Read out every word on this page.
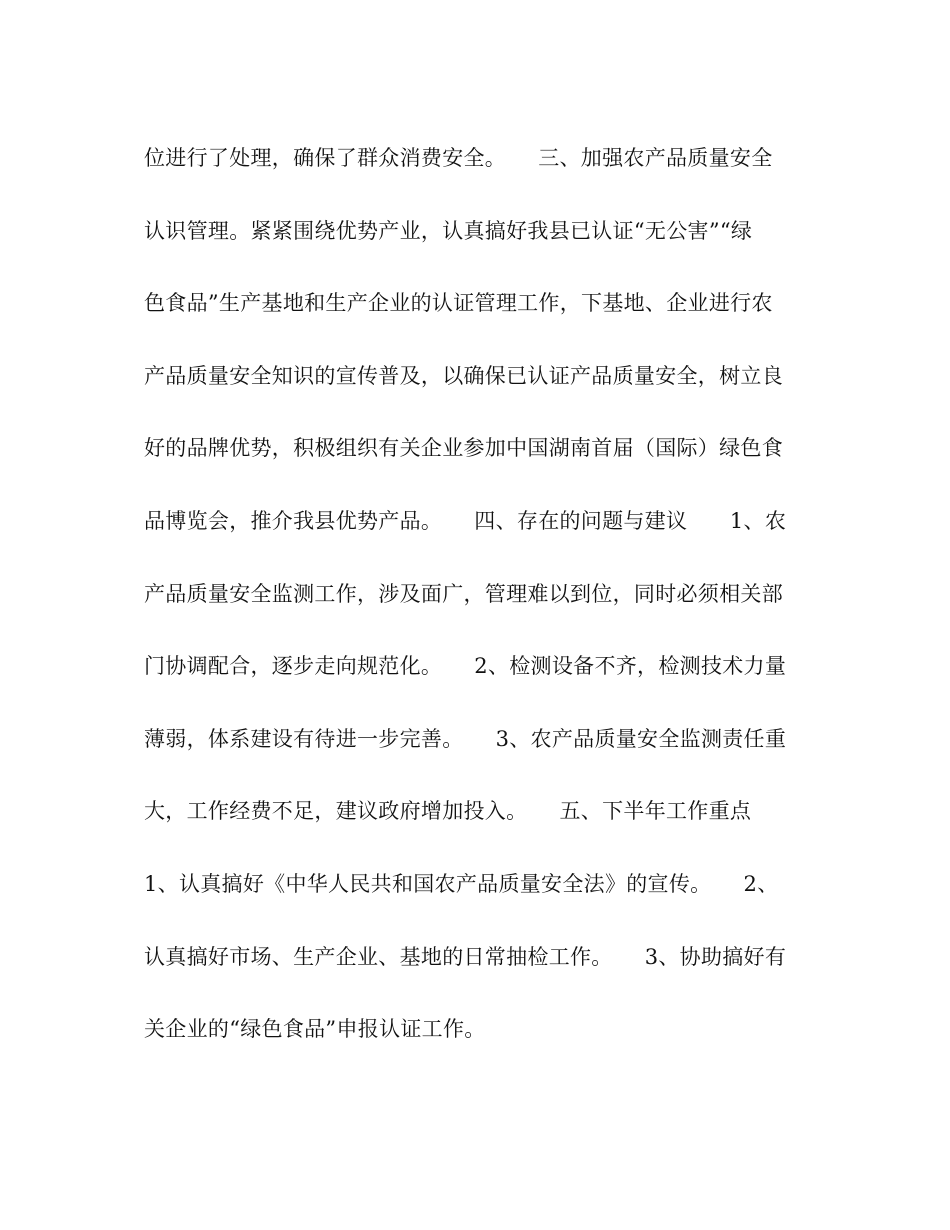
位进行了处理，确保了群众消费安全。　　三、加强农产品质量安全
认识管理。紧紧围绕优势产业，认真搞好我县已认证“无公害”“绿
色食品”生产基地和生产企业的认证管理工作，下基地、企业进行农
产品质量安全知识的宣传普及，以确保已认证产品质量安全，树立良
好的品牌优势，积极组织有关企业参加中国湖南首届（国际）绿色食
品博览会，推介我县优势产品。　　四、存在的问题与建议　　1、农
产品质量安全监测工作，涉及面广，管理难以到位，同时必须相关部
门协调配合，逐步走向规范化。　　2、检测设备不齐，检测技术力量
薄弱，体系建设有待进一步完善。　　3、农产品质量安全监测责任重
大，工作经费不足，建议政府增加投入。　　五、下半年工作重点
1、认真搞好《中华人民共和国农产品质量安全法》的宣传。　　2、
认真搞好市场、生产企业、基地的日常抽检工作。　　3、协助搞好有
关企业的“绿色食品”申报认证工作。
